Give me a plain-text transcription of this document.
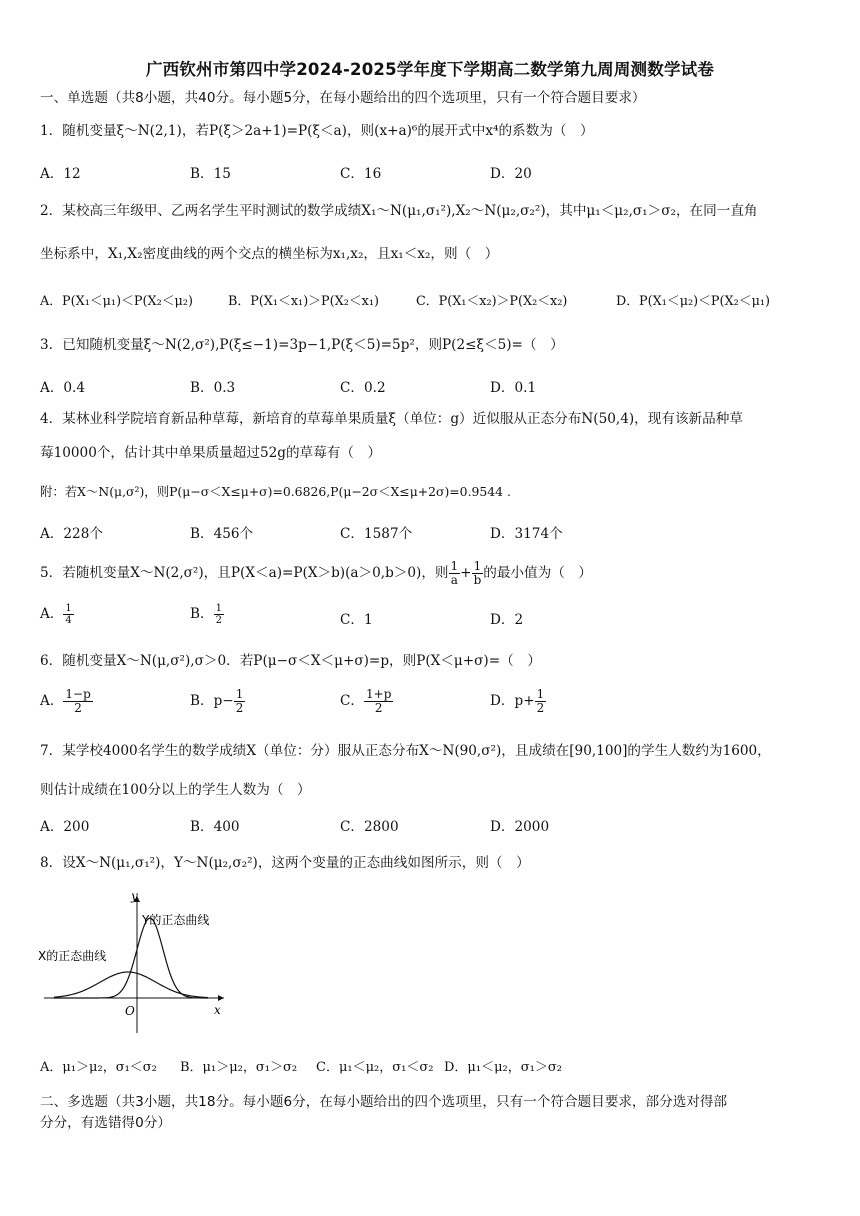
广西钦州市第四中学2024-2025学年度下学期高二数学第九周周测数学试卷
一、单选题（共8小题，共40分。每小题5分，在每小题给出的四个选项里，只有一个符合题目要求）
1．随机变量ξ～N(2,1)，若P(ξ＞2a+1)=P(ξ＜a)，则(x+a)⁶的展开式中x⁴的系数为（　）
A．12	B．15	C．16	D．20
2．某校高三年级甲、乙两名学生平时测试的数学成绩X₁～N(μ₁,σ₁²),X₂～N(μ₂,σ₂²)，其中μ₁＜μ₂,σ₁＞σ₂，在同一直角
坐标系中，X₁,X₂密度曲线的两个交点的横坐标为x₁,x₂，且x₁＜x₂，则（　）
A．P(X₁＜μ₁)＜P(X₂＜μ₂)	B．P(X₁＜x₁)＞P(X₂＜x₁)	C．P(X₁＜x₂)＞P(X₂＜x₂)	D．P(X₁＜μ₂)＜P(X₂＜μ₁)
3．已知随机变量ξ～N(2,σ²),P(ξ≤−1)=3p−1,P(ξ＜5)=5p²，则P(2≤ξ＜5)=（　）
A．0.4	B．0.3	C．0.2	D．0.1
4．某林业科学院培育新品种草莓，新培育的草莓单果质量ξ（单位：g）近似服从正态分布N(50,4)，现有该新品种草
莓10000个，估计其中单果质量超过52g的草莓有（　）
附：若X～N(μ,σ²)，则P(μ−σ＜X≤μ+σ)=0.6826,P(μ−2σ＜X≤μ+2σ)=0.9544 .
A．228个	B．456个	C．1587个	D．3174个
5．若随机变量X～N(2,σ²)，且P(X＜a)=P(X＞b)(a＞0,b＞0)，则 $\frac{1}{a} + \frac{1}{b}$ 的最小值为（　）
A． $\frac{1}{4}$	B． $\frac{1}{2}$	C．1	D．2
6．随机变量X～N(μ,σ²),σ＞0．若P(μ−σ＜X＜μ+σ)=p，则P(X＜μ+σ)=（　）
A． $\frac{1-p}{2}$	B．$p- \frac{1}{2}$	C． $\frac{1+p}{2}$	D．$p+ \frac{1}{2}$
7．某学校4000名学生的数学成绩X（单位：分）服从正态分布X～N(90,σ²)，且成绩在[90,100]的学生人数约为1600，
则估计成绩在100分以上的学生人数为（　）
A．200	B．400	C．2800	D．2000
8．设X～N(μ₁,σ₁²)，Y～N(μ₂,σ₂²)，这两个变量的正态曲线如图所示，则（　）
y
x
O
Y的正态曲线
X的正态曲线
A．μ₁＞μ₂，σ₁＜σ₂ B．μ₁＞μ₂，σ₁＞σ₂ C．μ₁＜μ₂，σ₁＜σ₂ D．μ₁＜μ₂，σ₁＞σ₂
二、多选题（共3小题，共18分。每小题6分，在每小题给出的四个选项里，只有一个符合题目要求，部分选对得部
分分，有选错得0分）
